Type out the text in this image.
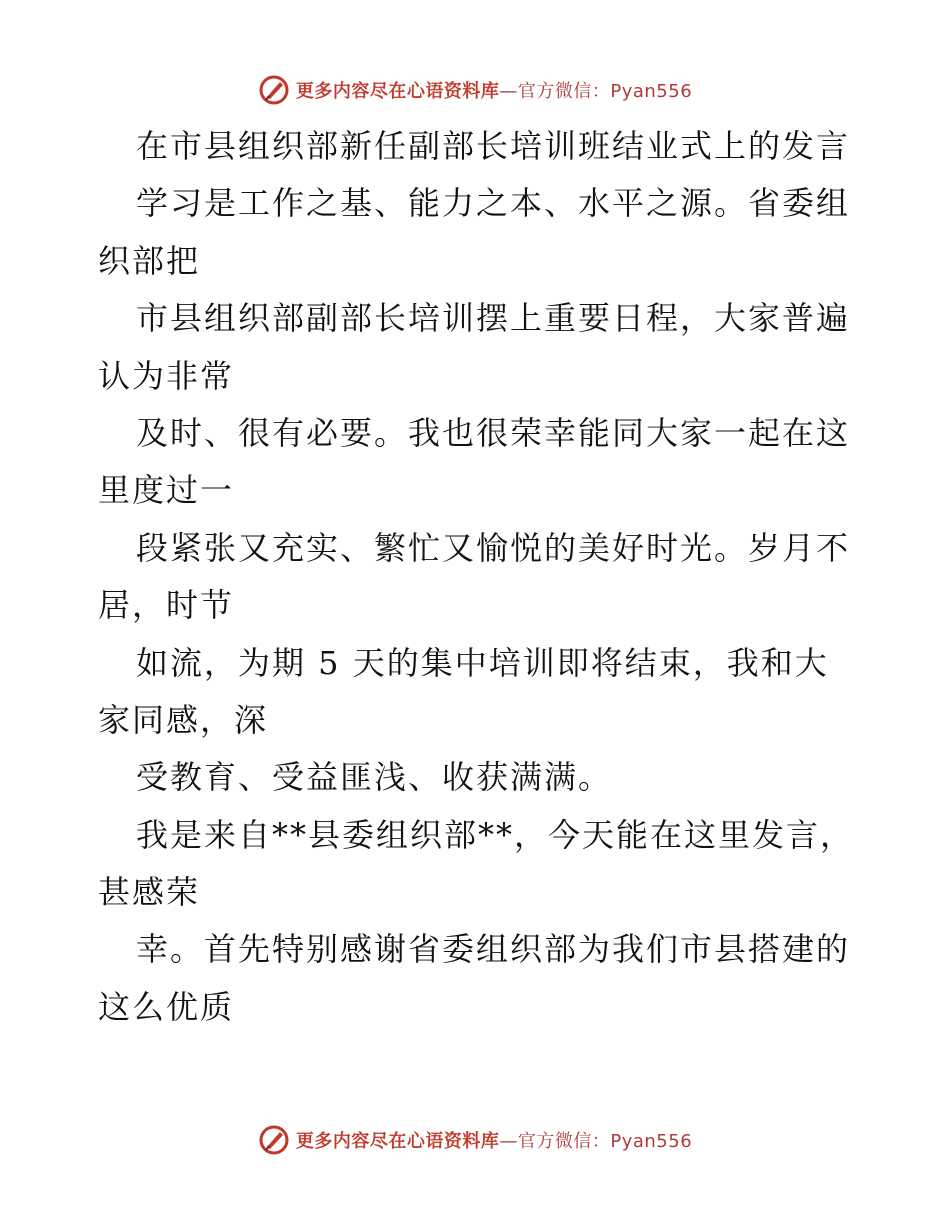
更多内容尽在心语资料库—官方微信：Pyan556
在市县组织部新任副部长培训班结业式上的发言
学习是工作之基、能力之本、水平之源。省委组
织部把
市县组织部副部长培训摆上重要日程，大家普遍
认为非常
及时、很有必要。我也很荣幸能同大家一起在这
里度过一
段紧张又充实、繁忙又愉悦的美好时光。岁月不
居，时节
如流，为期 5 天的集中培训即将结束，我和大
家同感，深
受教育、受益匪浅、收获满满。
我是来自**县委组织部**，今天能在这里发言，
甚感荣
幸。首先特别感谢省委组织部为我们市县搭建的
这么优质
更多内容尽在心语资料库—官方微信：Pyan556
